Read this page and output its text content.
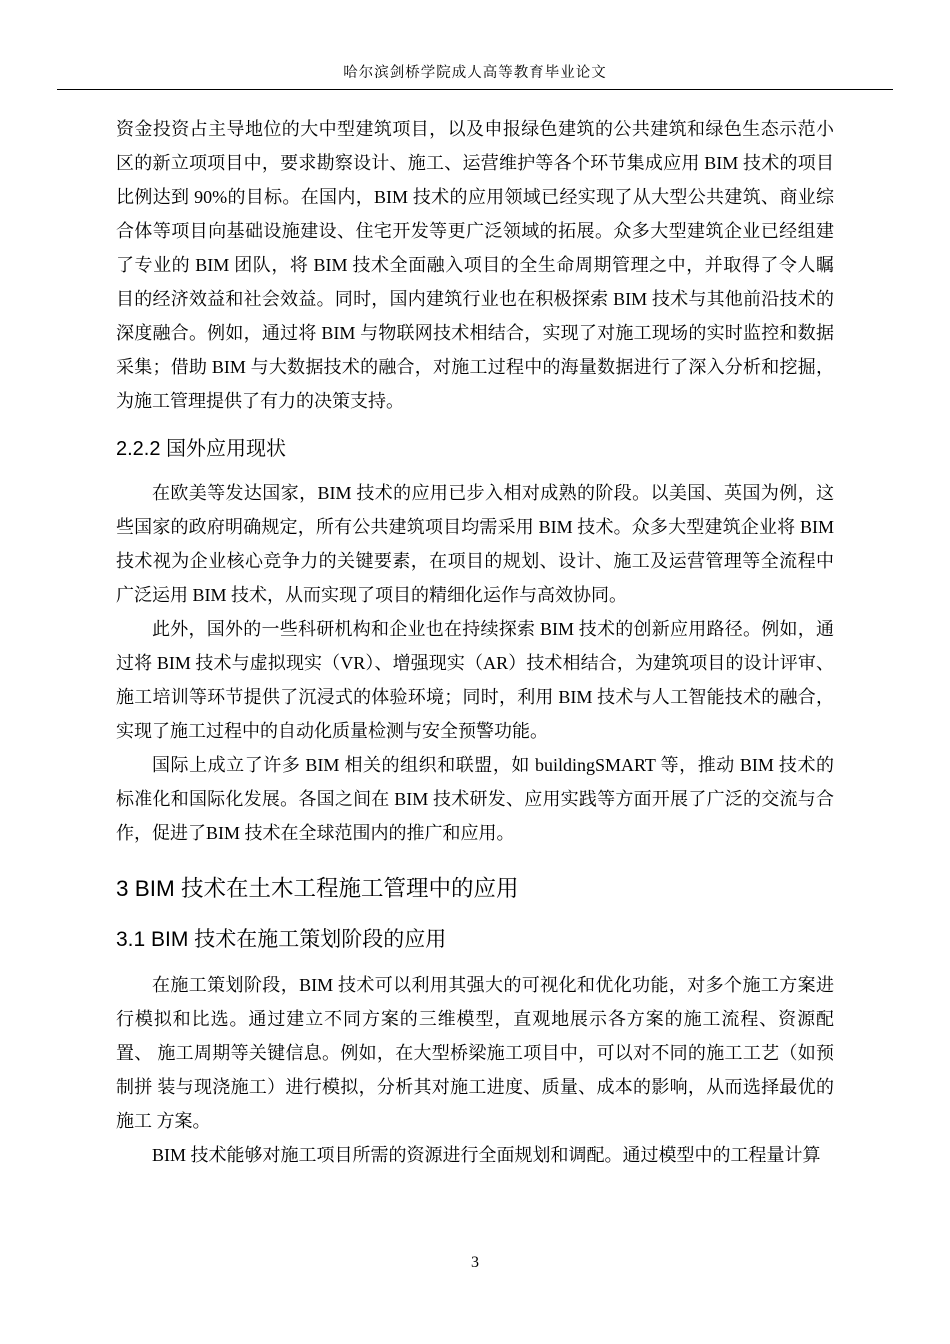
哈尔滨剑桥学院成人高等教育毕业论文

资金投资占主导地位的大中型建筑项目，以及申报绿色建筑的公共建筑和绿色生态示范小区的新立项项目中，要求勘察设计、施工、运营维护等各个环节集成应用 BIM 技术的项目 比例达到 90%的目标。在国内，BIM 技术的应用领域已经实现了从大型公共建筑、商业综 合体等项目向基础设施建设、住宅开发等更广泛领域的拓展。众多大型建筑企业已经组建 了专业的 BIM 团队，将 BIM 技术全面融入项目的全生命周期管理之中，并取得了令人瞩 目的经济效益和社会效益。同时，国内建筑行业也在积极探索 BIM 技术与其他前沿技术的 深度融合。例如，通过将 BIM 与物联网技术相结合，实现了对施工现场的实时监控和数据 采集；借助 BIM 与大数据技术的融合，对施工过程中的海量数据进行了深入分析和挖掘， 为施工管理提供了有力的决策支持。

2.2.2 国外应用现状

在欧美等发达国家，BIM 技术的应用已步入相对成熟的阶段。以美国、英国为例，这 些国家的政府明确规定，所有公共建筑项目均需采用 BIM 技术。众多大型建筑企业将 BIM 技术视为企业核心竞争力的关键要素，在项目的规划、设计、施工及运营管理等全流程中 广泛运用 BIM 技术，从而实现了项目的精细化运作与高效协同。

此外，国外的一些科研机构和企业也在持续探索 BIM 技术的创新应用路径。例如，通过将 BIM 技术与虚拟现实（VR）、增强现实（AR）技术相结合，为建筑项目的设计评审、 施工培训等环节提供了沉浸式的体验环境；同时，利用 BIM 技术与人工智能技术的融合， 实现了施工过程中的自动化质量检测与安全预警功能。

国际上成立了许多 BIM 相关的组织和联盟，如 buildingSMART 等，推动 BIM 技术的 标准化和国际化发展。各国之间在 BIM 技术研发、应用实践等方面开展了广泛的交流与合 作，促进了BIM 技术在全球范围内的推广和应用。

3 BIM 技术在土木工程施工管理中的应用
3.1 BIM 技术在施工策划阶段的应用

在施工策划阶段，BIM 技术可以利用其强大的可视化和优化功能，对多个施工方案进行模拟和比选。通过建立不同方案的三维模型，直观地展示各方案的施工流程、资源配置、 施工周期等关键信息。例如，在大型桥梁施工项目中，可以对不同的施工工艺（如预制拼 装与现浇施工）进行模拟，分析其对施工进度、质量、成本的影响，从而选择最优的施工 方案。

BIM 技术能够对施工项目所需的资源进行全面规划和调配。通过模型中的工程量计算

3
